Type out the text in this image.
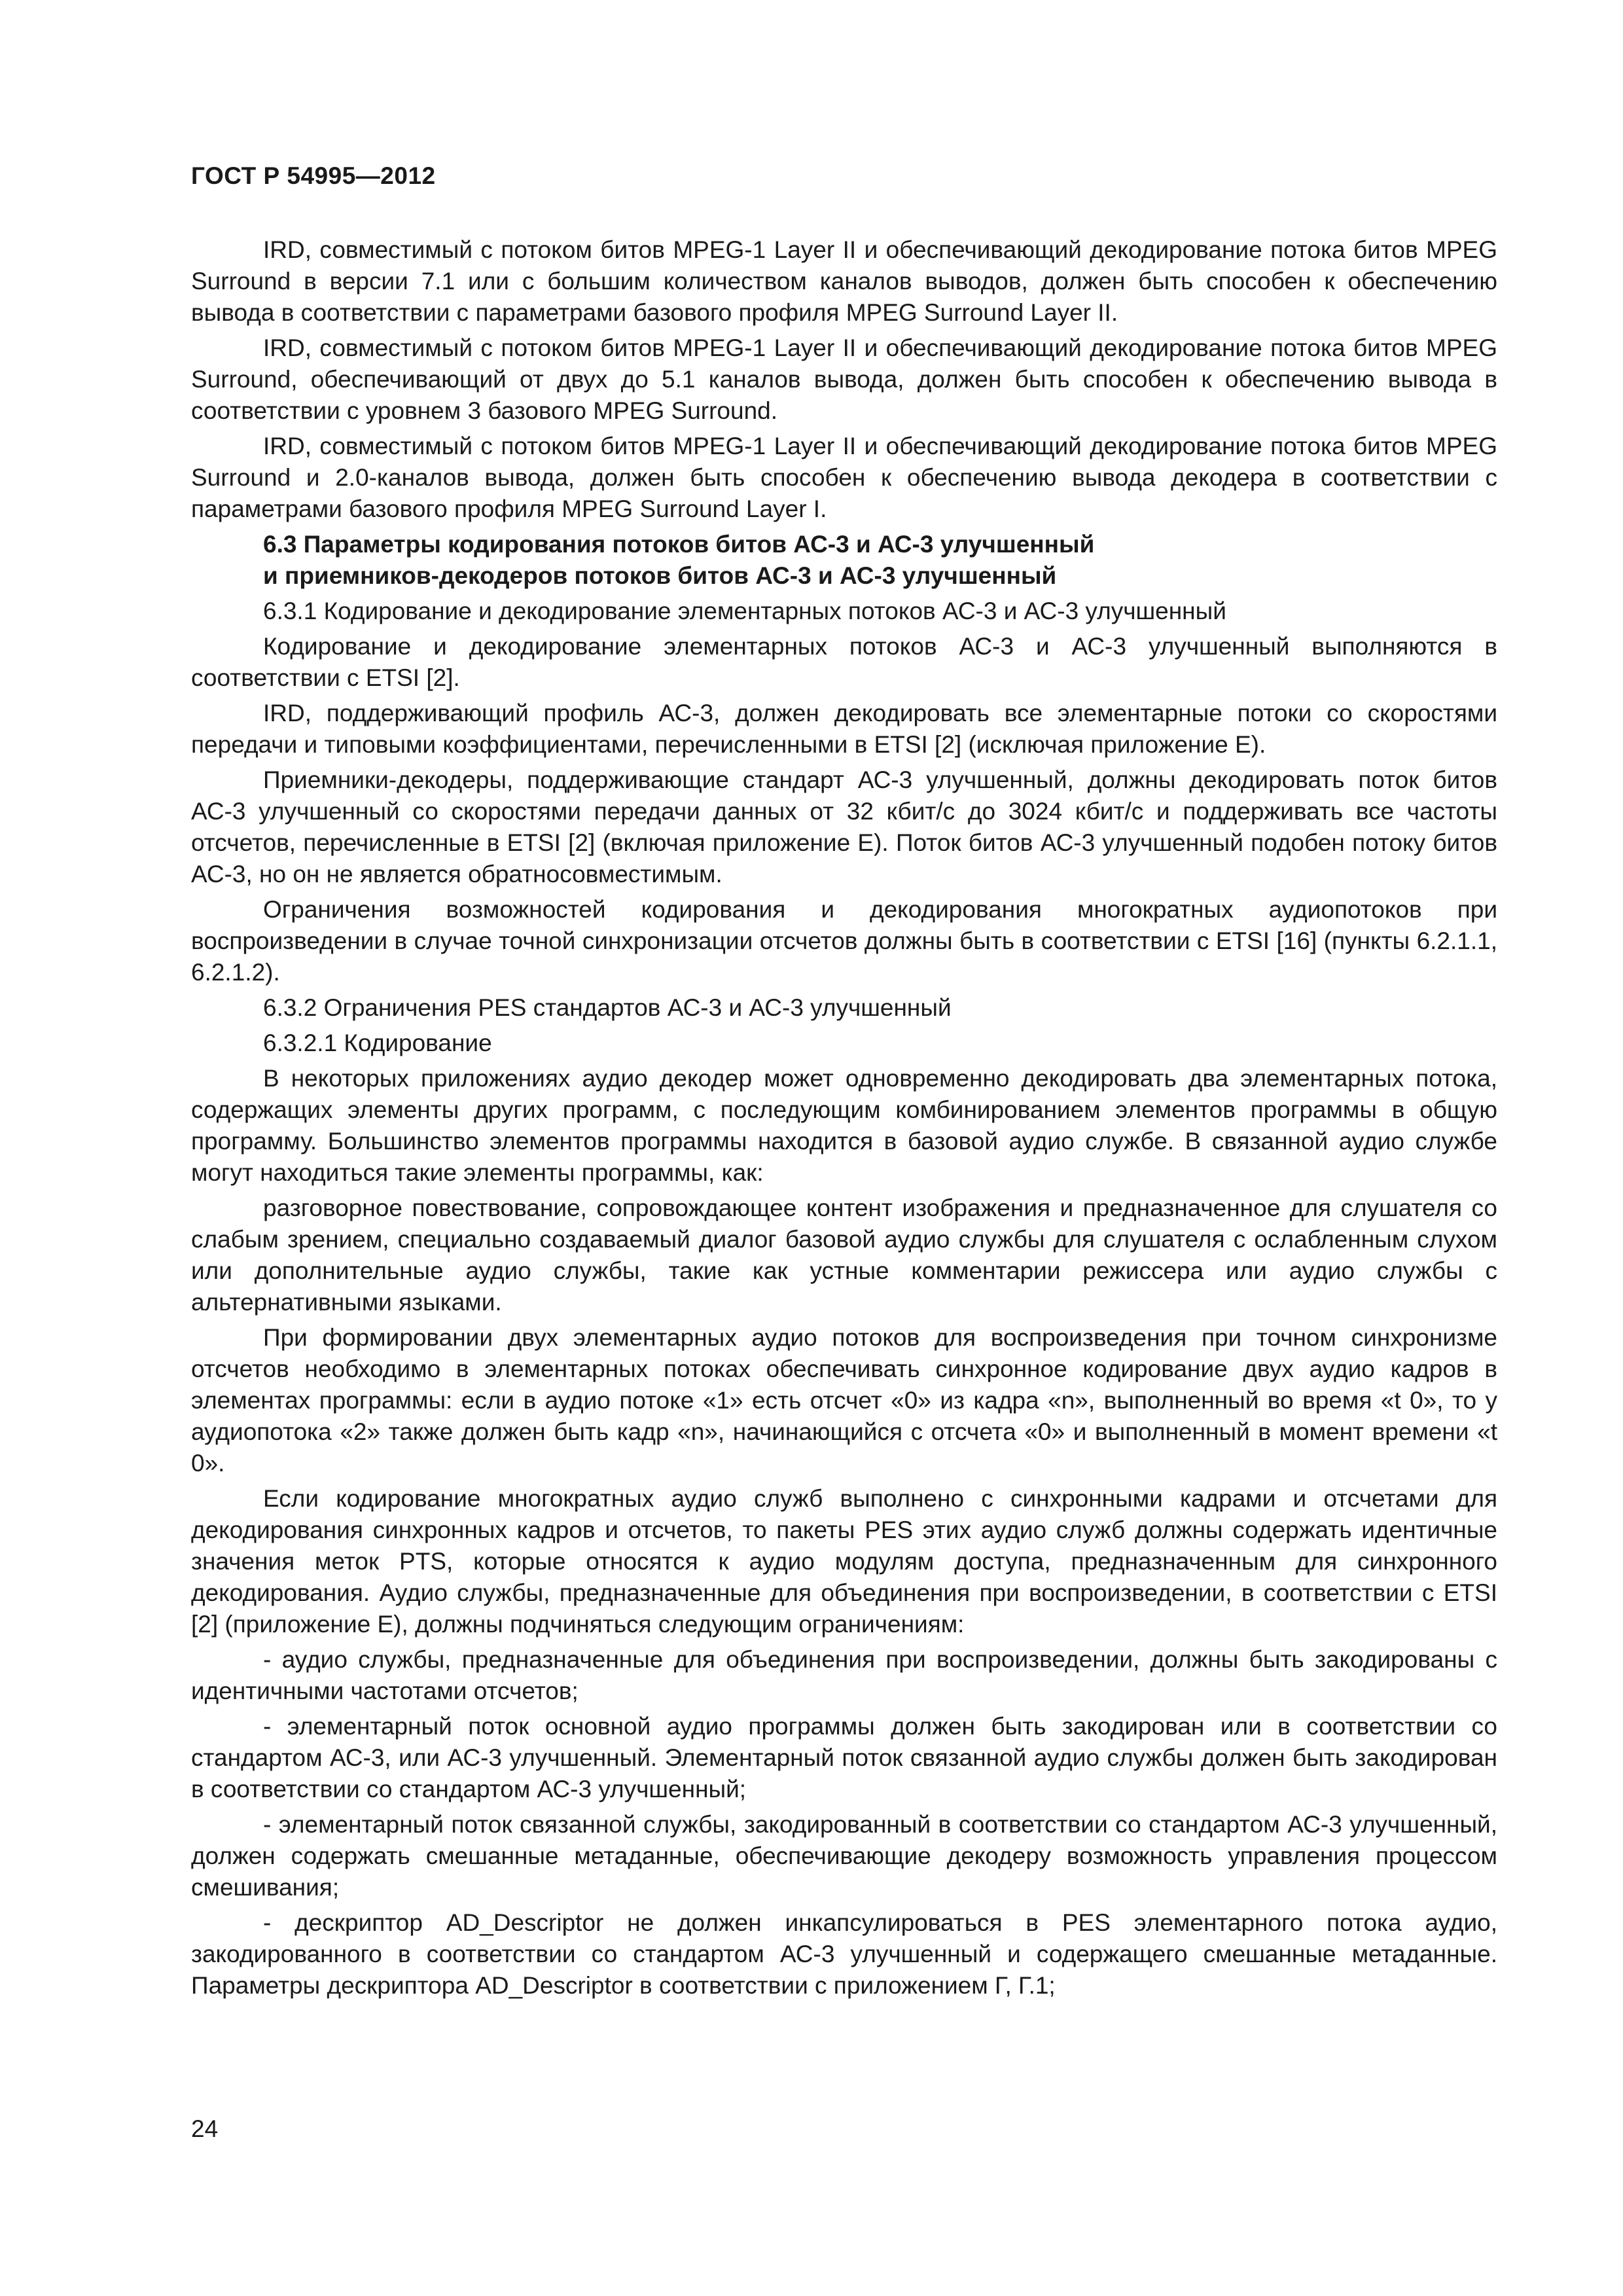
ГОСТ Р 54995—2012

IRD, совместимый с потоком битов MPEG-1 Layer II и обеспечивающий декодирование потока битов MPEG Surround в версии 7.1 или с большим количеством каналов выводов, должен быть способен к обеспечению вывода в соответствии с параметрами базового профиля MPEG Surround Layer II.

IRD, совместимый с потоком битов MPEG-1 Layer II и обеспечивающий декодирование потока битов MPEG Surround, обеспечивающий от двух до 5.1 каналов вывода, должен быть способен к обеспечению вывода в соответствии с уровнем 3 базового MPEG Surround.

IRD, совместимый с потоком битов MPEG-1 Layer II и обеспечивающий декодирование потока битов MPEG Surround и 2.0-каналов вывода, должен быть способен к обеспечению вывода декодера в соответствии с параметрами базового профиля MPEG Surround Layer I.

6.3 Параметры кодирования потоков битов АС-3 и АС-3 улучшенный
и приемников-декодеров потоков битов АС-3 и АС-3 улучшенный

6.3.1 Кодирование и декодирование элементарных потоков АС-3 и АС-3 улучшенный

Кодирование и декодирование элементарных потоков АС-3 и АС-3 улучшенный выполняются в соответствии с ETSI [2].

IRD, поддерживающий профиль АС-3, должен декодировать все элементарные потоки со скоростями передачи и типовыми коэффициентами, перечисленными в ETSI [2] (исключая приложение Е).

Приемники-декодеры, поддерживающие стандарт АС-3 улучшенный, должны декодировать поток битов АС-3 улучшенный со скоростями передачи данных от 32 кбит/с до 3024 кбит/с и поддерживать все частоты отсчетов, перечисленные в ETSI [2] (включая приложение Е). Поток битов АС-3 улучшенный подобен потоку битов АС-3, но он не является обратносовместимым.

Ограничения возможностей кодирования и декодирования многократных аудиопотоков при воспроизведении в случае точной синхронизации отсчетов должны быть в соответствии с ETSI [16] (пункты 6.2.1.1, 6.2.1.2).

6.3.2 Ограничения PES стандартов АС-3 и АС-3 улучшенный

6.3.2.1 Кодирование

В некоторых приложениях аудио декодер может одновременно декодировать два элементарных потока, содержащих элементы других программ, с последующим комбинированием элементов программы в общую программу. Большинство элементов программы находится в базовой аудио службе. В связанной аудио службе могут находиться такие элементы программы, как:

разговорное повествование, сопровождающее контент изображения и предназначенное для слушателя со слабым зрением, специально создаваемый диалог базовой аудио службы для слушателя с ослабленным слухом или дополнительные аудио службы, такие как устные комментарии режиссера или аудио службы с альтернативными языками.

При формировании двух элементарных аудио потоков для воспроизведения при точном синхронизме отсчетов необходимо в элементарных потоках обеспечивать синхронное кодирование двух аудио кадров в элементах программы: если в аудио потоке «1» есть отсчет «0» из кадра «n», выполненный во время «t 0», то у аудиопотока «2» также должен быть кадр «n», начинающийся с отсчета «0» и выполненный в момент времени «t 0».

Если кодирование многократных аудио служб выполнено с синхронными кадрами и отсчетами для декодирования синхронных кадров и отсчетов, то пакеты PES этих аудио служб должны содержать идентичные значения меток PTS, которые относятся к аудио модулям доступа, предназначенным для синхронного декодирования. Аудио службы, предназначенные для объединения при воспроизведении, в соответствии с ETSI [2] (приложение Е), должны подчиняться следующим ограничениям:

- аудио службы, предназначенные для объединения при воспроизведении, должны быть закодированы с идентичными частотами отсчетов;

- элементарный поток основной аудио программы должен быть закодирован или в соответствии со стандартом АС-3, или АС-3 улучшенный. Элементарный поток связанной аудио службы должен быть закодирован в соответствии со стандартом АС-3 улучшенный;

- элементарный поток связанной службы, закодированный в соответствии со стандартом АС-3 улучшенный, должен содержать смешанные метаданные, обеспечивающие декодеру возможность управления процессом смешивания;

- дескриптор AD_Descriptor не должен инкапсулироваться в PES элементарного потока аудио, закодированного в соответствии со стандартом АС-3 улучшенный и содержащего смешанные метаданные. Параметры дескриптора AD_Descriptor в соответствии с приложением Г, Г.1;

24
